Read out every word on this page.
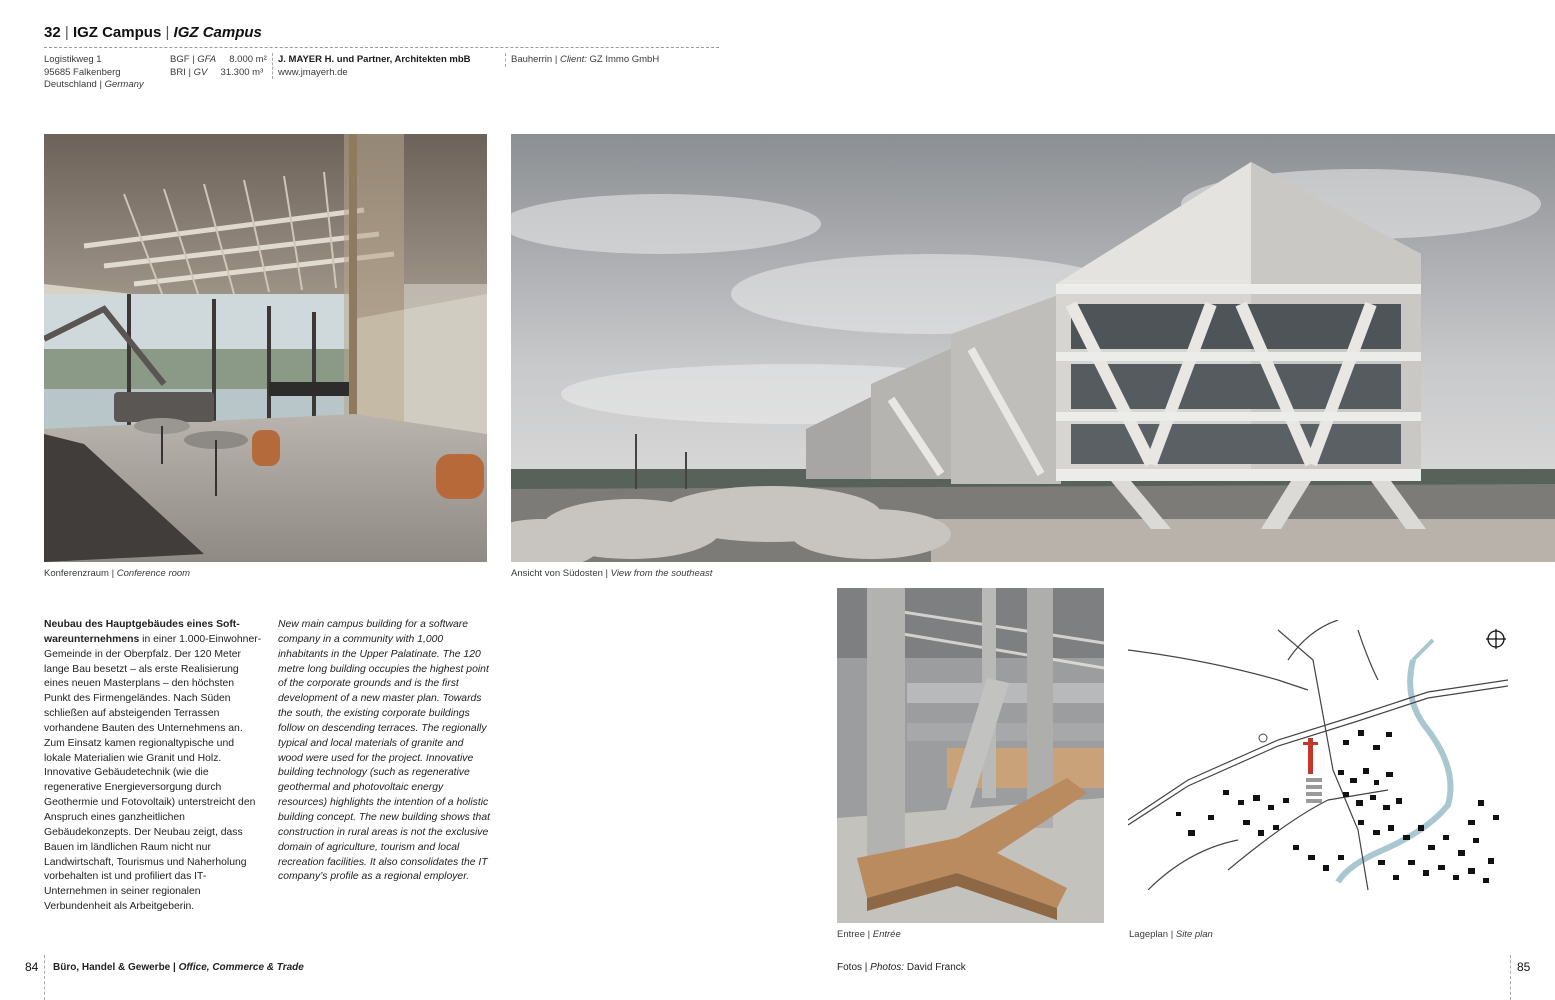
32 | IGZ Campus | IGZ Campus
Logistikweg 1
95685 Falkenberg
Deutschland | Germany
BGF | GFA 8.000 m²
BRI | GV 31.300 m³
J. MAYER H. und Partner, Architekten mbB
www.jmayerh.de
Bauherrin | Client: GZ Immo GmbH
Konferenzraum | Conference room	Ansicht von Südosten | View from the southeast
Neubau des Hauptgebäudes eines Soft-wareunternehmens in einer 1.000-Einwohner-Gemeinde in der Oberpfalz. Der 120 Meter lange Bau besetzt – als erste Realisierung eines neuen Masterplans – den höchsten Punkt des Firmengeländes. Nach Süden schließen auf absteigenden Terrassen vorhandene Bauten des Unternehmens an. Zum Einsatz kamen regionaltypische und lokale Materialien wie Granit und Holz. Innovative Gebäudetechnik (wie die regenerative Energieversorgung durch Geothermie und Fotovoltaik) unterstreicht den Anspruch eines ganzheitlichen Gebäudekonzepts. Der Neubau zeigt, dass Bauen im ländlichen Raum nicht nur Landwirtschaft, Tourismus und Naherholung vorbehalten ist und profiliert das IT-Unternehmen in seiner regionalen Verbundenheit als Arbeitgeberin.
New main campus building for a software company in a community with 1,000 inhabitants in the Upper Palatinate. The 120 metre long building occupies the highest point of the corporate grounds and is the first development of a new master plan. Towards the south, the existing corporate buildings follow on descending terraces. The regionally typical and local materials of granite and wood were used for the project. Innovative building technology (such as regenerative geothermal and photovoltaic energy resources) highlights the intention of a holistic building concept. The new building shows that construction in rural areas is not the exclusive domain of agriculture, tourism and local recreation facilities. It also consolidates the IT company’s profile as a regional employer.
Entree | Entrée	Lageplan | Site plan
84 Büro, Handel & Gewerbe | Office, Commerce & Trade	Fotos | Photos: David Franck	85
